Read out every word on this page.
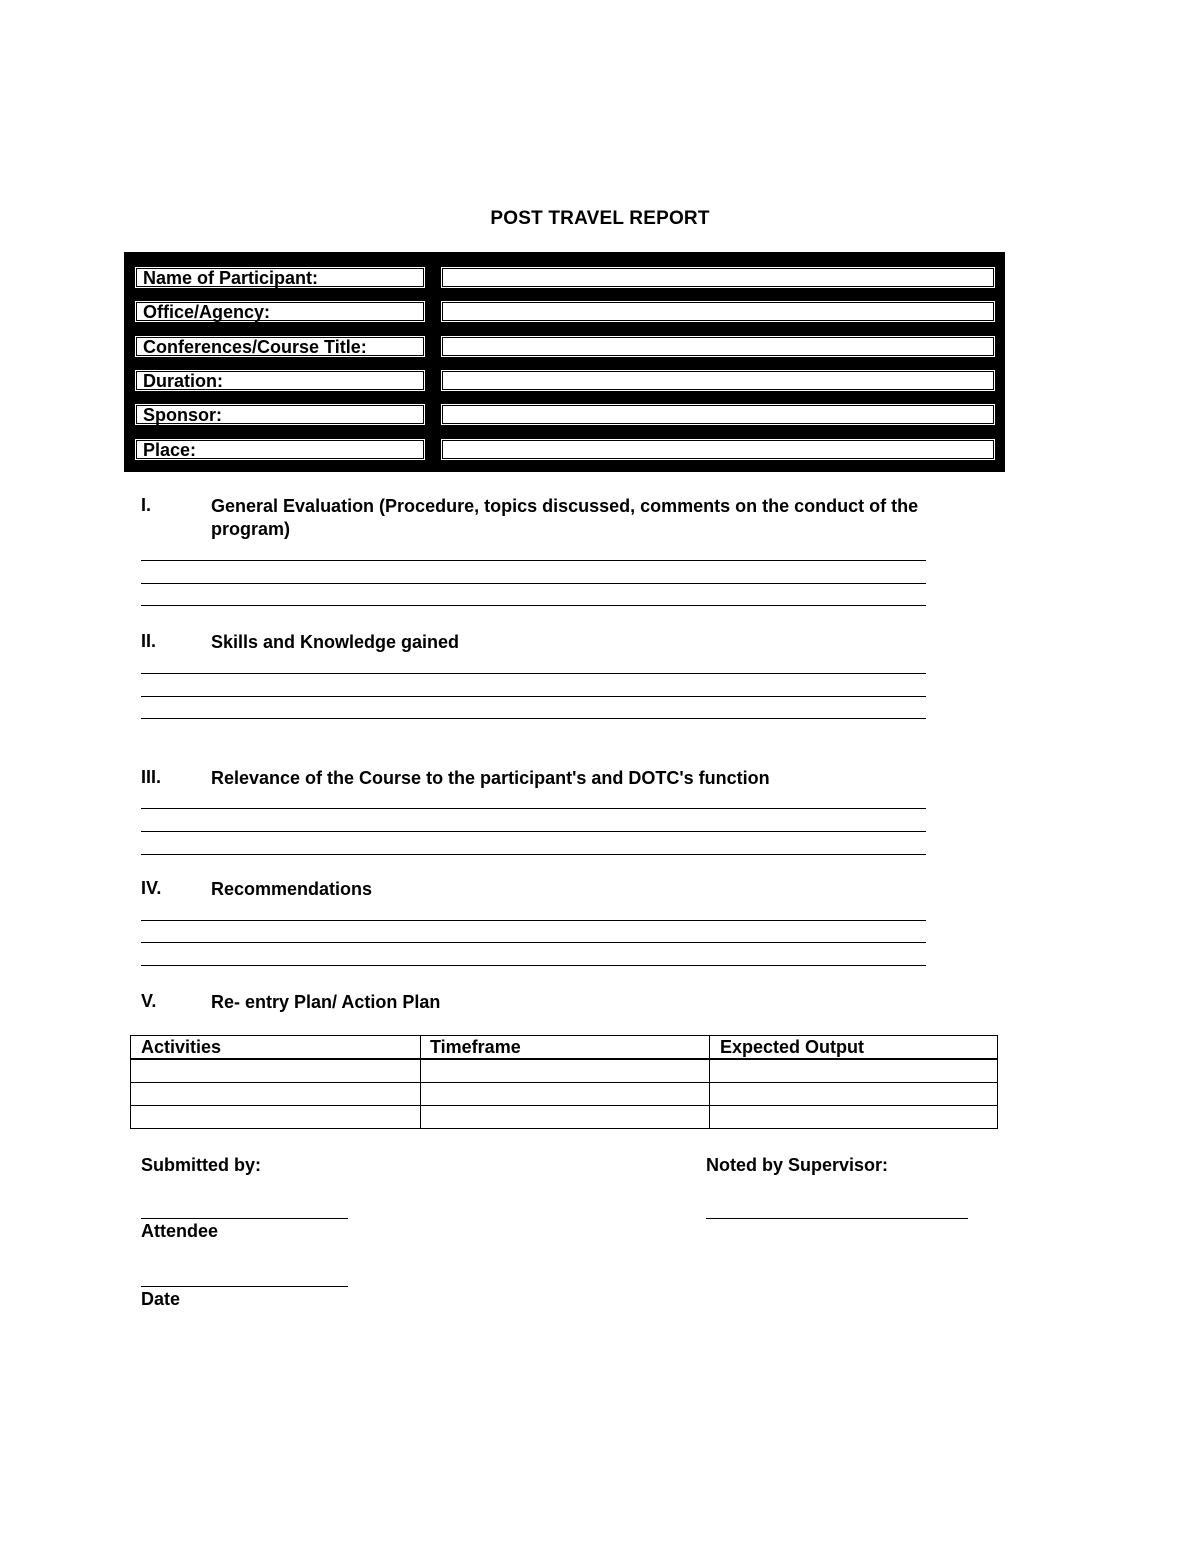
POST TRAVEL REPORT
Name of Participant:
Office/Agency:
Conferences/Course Title:
Duration:
Sponsor:
Place:
I.	General Evaluation (Procedure, topics discussed, comments on the conduct of the program)
II.	Skills and Knowledge gained
III.	Relevance of the Course to the participant's and DOTC's function
IV.	Recommendations
V.	Re- entry Plan/ Action Plan
Activities	Timeframe	Expected Output
Submitted by:	Noted by Supervisor:
Attendee
Date
